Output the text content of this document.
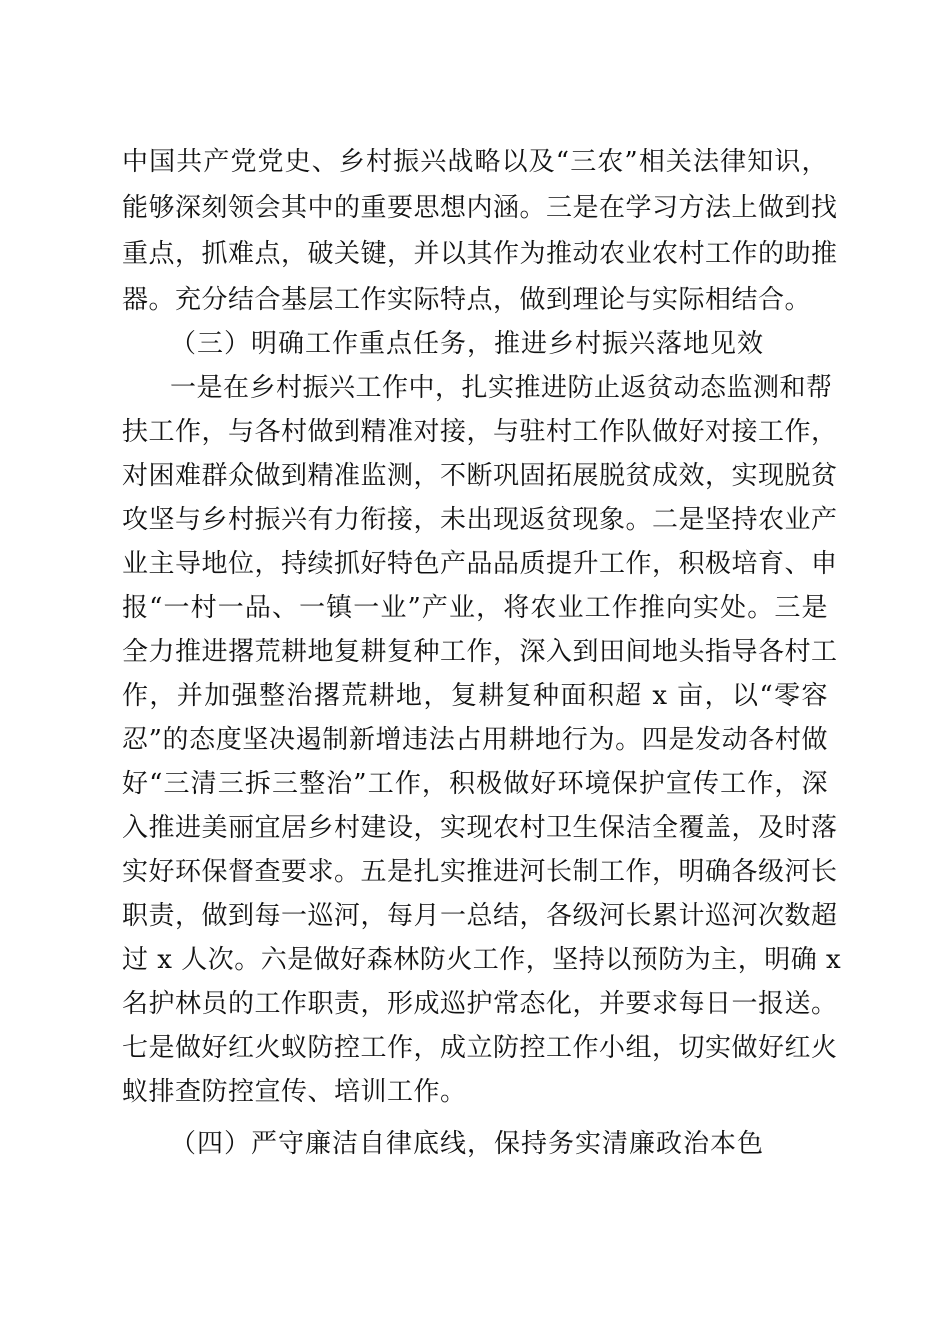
中国共产党党史、乡村振兴战略以及“三农”相关法律知识，
能够深刻领会其中的重要思想内涵。三是在学习方法上做到找
重点，抓难点，破关键，并以其作为推动农业农村工作的助推
器。充分结合基层工作实际特点，做到理论与实际相结合。
（三）明确工作重点任务，推进乡村振兴落地见效
一是在乡村振兴工作中，扎实推进防止返贫动态监测和帮
扶工作，与各村做到精准对接，与驻村工作队做好对接工作，
对困难群众做到精准监测，不断巩固拓展脱贫成效，实现脱贫
攻坚与乡村振兴有力衔接，未出现返贫现象。二是坚持农业产
业主导地位，持续抓好特色产品品质提升工作，积极培育、申
报“一村一品、一镇一业”产业，将农业工作推向实处。三是
全力推进撂荒耕地复耕复种工作，深入到田间地头指导各村工
作，并加强整治撂荒耕地，复耕复种面积超 x 亩，以“零容
忍”的态度坚决遏制新增违法占用耕地行为。四是发动各村做
好“三清三拆三整治”工作，积极做好环境保护宣传工作，深
入推进美丽宜居乡村建设，实现农村卫生保洁全覆盖，及时落
实好环保督查要求。五是扎实推进河长制工作，明确各级河长
职责，做到每一巡河，每月一总结，各级河长累计巡河次数超
过 x 人次。六是做好森林防火工作，坚持以预防为主，明确 x
名护林员的工作职责，形成巡护常态化，并要求每日一报送。
七是做好红火蚁防控工作，成立防控工作小组，切实做好红火
蚁排查防控宣传、培训工作。
（四）严守廉洁自律底线，保持务实清廉政治本色
